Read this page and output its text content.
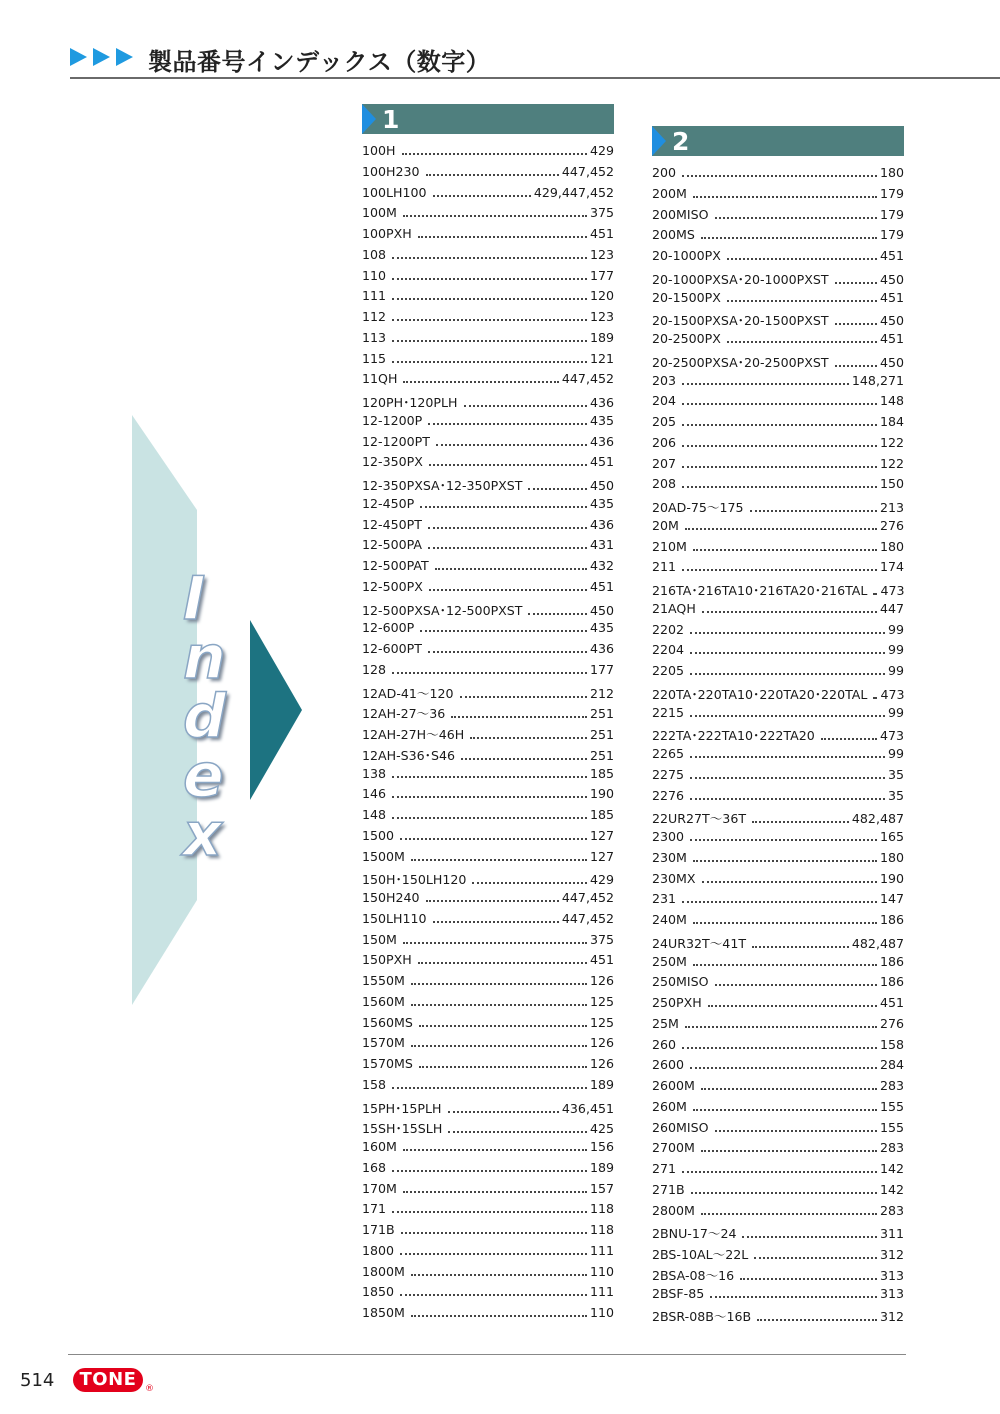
製品番号インデックス（数字）
I
n
d
e
x
1
100H	429
100H230	447,452
100LH100	429,447,452
100M	375
100PXH	451
108	123
110	177
111	120
112	123
113	189
115	121
11QH	447,452
120PH･120PLH	436
12-1200P	435
12-1200PT	436
12-350PX	451
12-350PXSA･12-350PXST	450
12-450P	435
12-450PT	436
12-500PA	431
12-500PAT	432
12-500PX	451
12-500PXSA･12-500PXST	450
12-600P	435
12-600PT	436
128	177
12AD-41～120	212
12AH-27～36	251
12AH-27H～46H	251
12AH-S36･S46	251
138	185
146	190
148	185
1500	127
1500M	127
150H･150LH120	429
150H240	447,452
150LH110	447,452
150M	375
150PXH	451
1550M	126
1560M	125
1560MS	125
1570M	126
1570MS	126
158	189
15PH･15PLH	436,451
15SH･15SLH	425
160M	156
168	189
170M	157
171	118
171B	118
1800	111
1800M	110
1850	111
1850M	110
2
200	180
200M	179
200MISO	179
200MS	179
20-1000PX	451
20-1000PXSA･20-1000PXST	450
20-1500PX	451
20-1500PXSA･20-1500PXST	450
20-2500PX	451
20-2500PXSA･20-2500PXST	450
203	148,271
204	148
205	184
206	122
207	122
208	150
20AD-75～175	213
20M	276
210M	180
211	174
216TA･216TA10･216TA20･216TAL 473
21AQH	447
2202	99
2204	99
2205	99
220TA･220TA10･220TA20･220TAL 473
2215	99
222TA･222TA10･222TA20	473
2265	99
2275	35
2276	35
22UR27T～36T	482,487
2300	165
230M	180
230MX	190
231	147
240M	186
24UR32T～41T	482,487
250M	186
250MISO	186
250PXH	451
25M	276
260	158
2600	284
2600M	283
260M	155
260MISO	155
2700M	283
271	142
271B	142
2800M	283
2BNU-17～24	311
2BS-10AL～22L	312
2BSA-08～16	313
2BSF-85	313
2BSR-08B～16B	312
514	TONE ®
